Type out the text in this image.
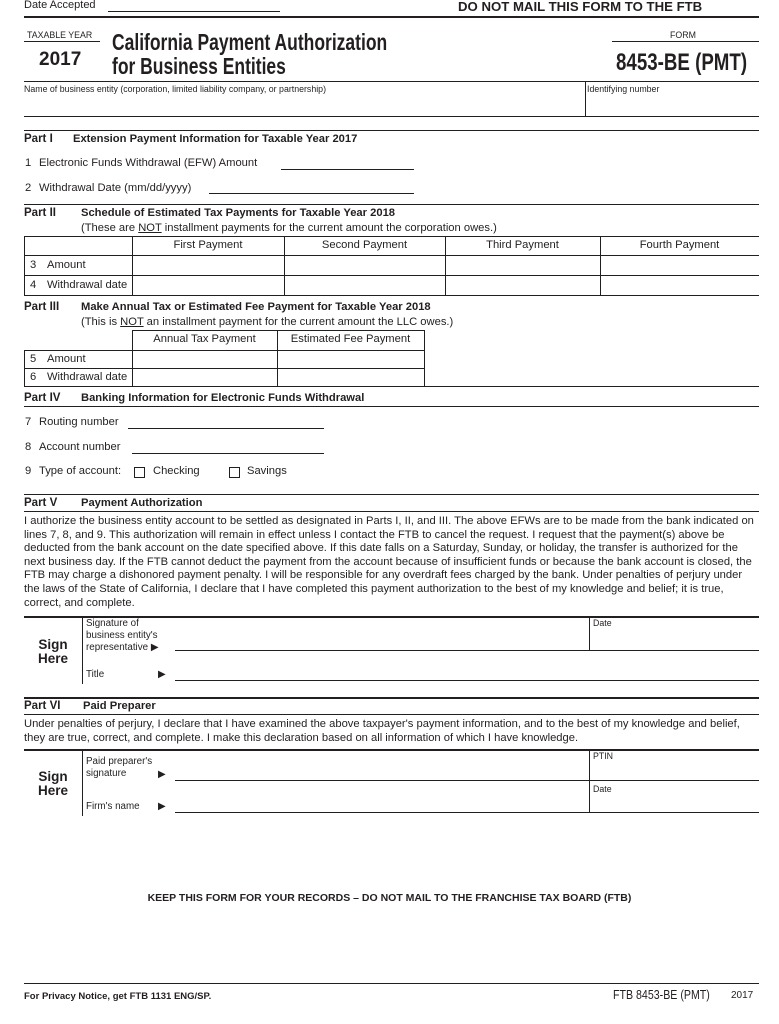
Date Accepted	DO NOT MAIL THIS FORM TO THE FTB
TAXABLE YEAR
2017
California Payment Authorization
for Business Entities
FORM
8453-BE (PMT)
Name of business entity (corporation, limited liability company, or partnership)	Identifying number
Part I Extension Payment Information for Taxable Year 2017
1 Electronic Funds Withdrawal (EFW) Amount
2 Withdrawal Date (mm/dd/yyyy)
Part II Schedule of Estimated Tax Payments for Taxable Year 2018
(These are NOT installment payments for the current amount the corporation owes.)
First Payment	Second Payment	Third Payment	Fourth Payment
3 Amount
4 Withdrawal date
Part III Make Annual Tax or Estimated Fee Payment for Taxable Year 2018
(This is NOT an installment payment for the current amount the LLC owes.)
Annual Tax Payment	Estimated Fee Payment
5 Amount
6 Withdrawal date
Part IV Banking Information for Electronic Funds Withdrawal
7 Routing number
8 Account number
9 Type of account:	Checking	Savings
Part V Payment Authorization
I authorize the business entity account to be settled as designated in Parts I, II, and III. The above EFWs are to be made from the bank indicated on lines 7, 8, and 9. This authorization will remain in effect unless I contact the FTB to cancel the request. I request that the payment(s) above be deducted from the bank account on the date specified above. If this date falls on a Saturday, Sunday, or holiday, the transfer is authorized for the next business day. If the FTB cannot deduct the payment from the account because of insufficient funds or because the bank account is closed, the FTB may charge a dishonored payment penalty. I will be responsible for any overdraft fees charged by the bank. Under penalties of perjury under the laws of the State of California, I declare that I have completed this payment authorization to the best of my knowledge and belief; it is true, correct, and complete.
Sign
Here
Signature of
business entity's
representative ▶
Date
Title	▶
Part VI Paid Preparer
Under penalties of perjury, I declare that I have examined the above taxpayer's payment information, and to the best of my knowledge and belief, they are true, correct, and complete. I make this declaration based on all information of which I have knowledge.
Sign
Here
Paid preparer's
signature	▶
PTIN
Date
Firm's name ▶
KEEP THIS FORM FOR YOUR RECORDS – DO NOT MAIL TO THE FRANCHISE TAX BOARD (FTB)
For Privacy Notice, get FTB 1131 ENG/SP.	FTB 8453-BE (PMT) 2017
